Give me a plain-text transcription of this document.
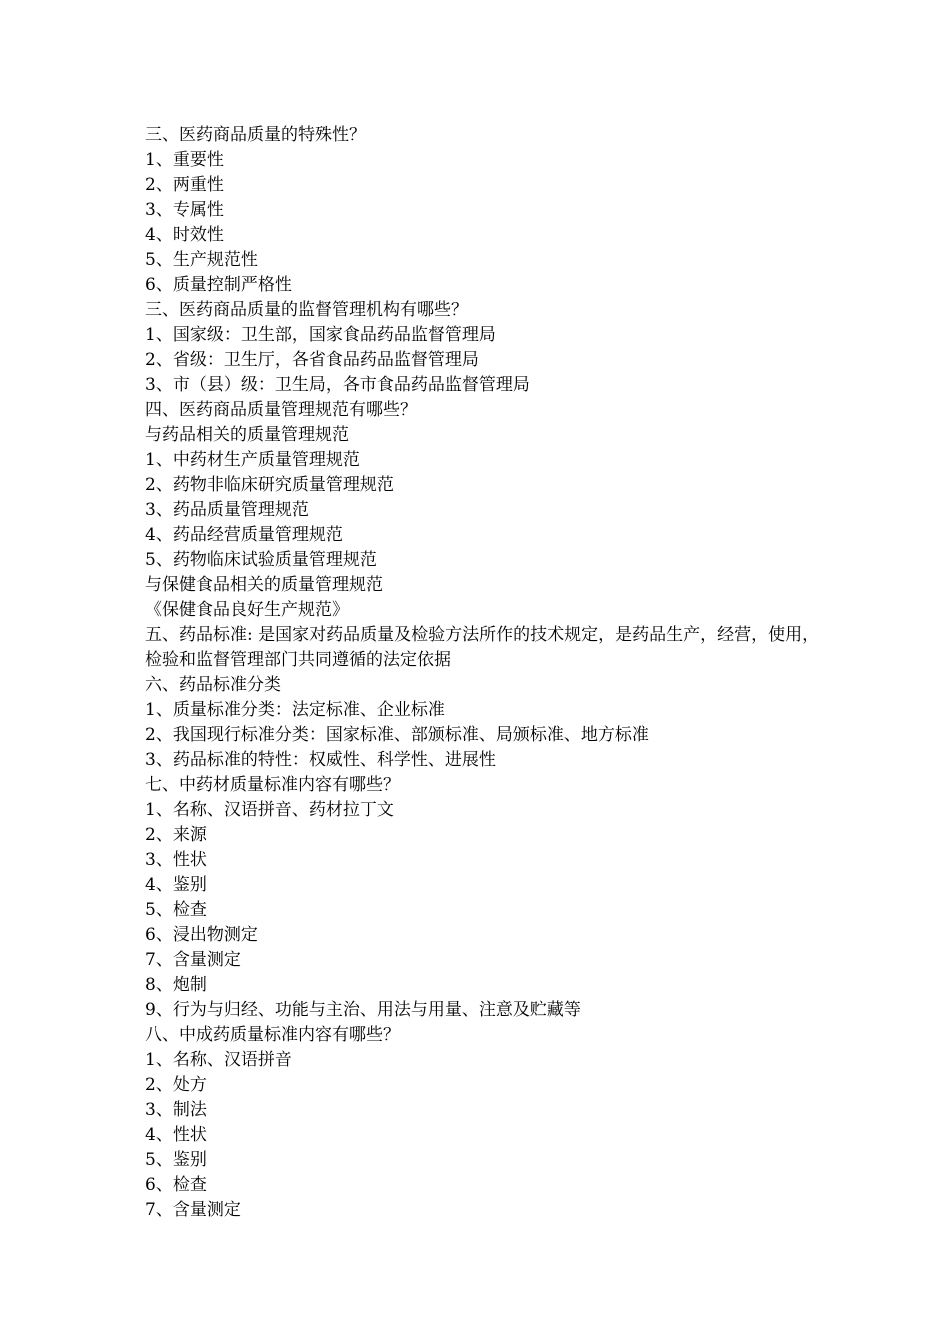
三、医药商品质量的特殊性？
1、重要性
2、两重性
3、专属性
4、时效性
5、生产规范性
6、质量控制严格性
三、医药商品质量的监督管理机构有哪些？
1、国家级：卫生部，国家食品药品监督管理局
2、省级：卫生厅，各省食品药品监督管理局
3、市（县）级：卫生局，各市食品药品监督管理局
四、医药商品质量管理规范有哪些？
与药品相关的质量管理规范
1、中药材生产质量管理规范
2、药物非临床研究质量管理规范
3、药品质量管理规范
4、药品经营质量管理规范
5、药物临床试验质量管理规范
与保健食品相关的质量管理规范
《保健食品良好生产规范》
五、药品标准: 是国家对药品质量及检验方法所作的技术规定，是药品生产，经营，使用，检验和监督管理部门共同遵循的法定依据
六、药品标准分类
1、质量标准分类：法定标准、企业标准
2、我国现行标准分类：国家标准、部颁标准、局颁标准、地方标准
3、药品标准的特性：权威性、科学性、进展性
七、中药材质量标准内容有哪些？
1、名称、汉语拼音、药材拉丁文
2、来源
3、性状
4、鉴别
5、检查
6、浸出物测定
7、含量测定
8、炮制
9、行为与归经、功能与主治、用法与用量、注意及贮藏等
八、中成药质量标准内容有哪些？
1、名称、汉语拼音
2、处方
3、制法
4、性状
5、鉴别
6、检查
7、含量测定
